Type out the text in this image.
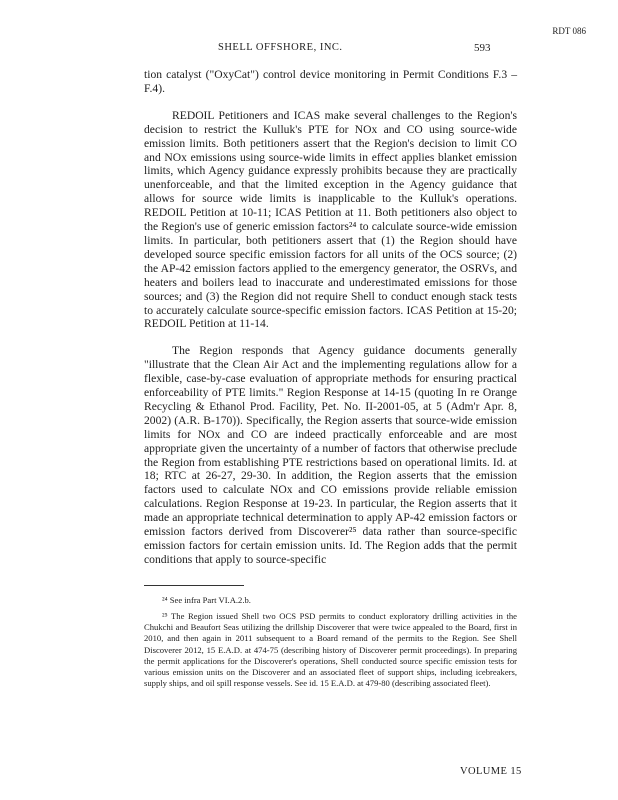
RDT 086
SHELL OFFSHORE, INC.	593

tion catalyst ("OxyCat") control device monitoring in Permit Conditions F.3 – F.4).

REDOIL Petitioners and ICAS make several challenges to the Region's decision to restrict the Kulluk's PTE for NOx and CO using source-wide emission limits. Both petitioners assert that the Region's decision to limit CO and NOx emissions using source-wide limits in effect applies blanket emission limits, which Agency guidance expressly prohibits because they are practically unenforceable, and that the limited exception in the Agency guidance that allows for source wide limits is inapplicable to the Kulluk's operations. REDOIL Petition at 10-11; ICAS Petition at 11. Both petitioners also object to the Region's use of generic emission factors²⁴ to calculate source-wide emission limits. In particular, both petitioners assert that (1) the Region should have developed source specific emission factors for all units of the OCS source; (2) the AP-42 emission factors applied to the emergency generator, the OSRVs, and heaters and boilers lead to inaccurate and underestimated emissions for those sources; and (3) the Region did not require Shell to conduct enough stack tests to accurately calculate source-specific emission factors. ICAS Petition at 15-20; REDOIL Petition at 11-14.

The Region responds that Agency guidance documents generally "illustrate that the Clean Air Act and the implementing regulations allow for a flexible, case-by-case evaluation of appropriate methods for ensuring practical enforceability of PTE limits." Region Response at 14-15 (quoting In re Orange Recycling & Ethanol Prod. Facility, Pet. No. II-2001-05, at 5 (Adm'r Apr. 8, 2002) (A.R. B-170)). Specifically, the Region asserts that source-wide emission limits for NOx and CO are indeed practically enforceable and are most appropriate given the uncertainty of a number of factors that otherwise preclude the Region from establishing PTE restrictions based on operational limits. Id. at 18; RTC at 26-27, 29-30. In addition, the Region asserts that the emission factors used to calculate NOx and CO emissions provide reliable emission calculations. Region Response at 19-23. In particular, the Region asserts that it made an appropriate technical determination to apply AP-42 emission factors or emission factors derived from Discoverer²⁵ data rather than source-specific emission factors for certain emission units. Id. The Region adds that the permit conditions that apply to source-specific

²⁴ See infra Part VI.A.2.b.

²⁵ The Region issued Shell two OCS PSD permits to conduct exploratory drilling activities in the Chukchi and Beaufort Seas utilizing the drillship Discoverer that were twice appealed to the Board, first in 2010, and then again in 2011 subsequent to a Board remand of the permits to the Region. See Shell Discoverer 2012, 15 E.A.D. at 474-75 (describing history of Discoverer permit proceedings). In preparing the permit applications for the Discoverer's operations, Shell conducted source specific emission tests for various emission units on the Discoverer and an associated fleet of support ships, including icebreakers, supply ships, and oil spill response vessels. See id. 15 E.A.D. at 479-80 (describing associated fleet).

VOLUME 15
